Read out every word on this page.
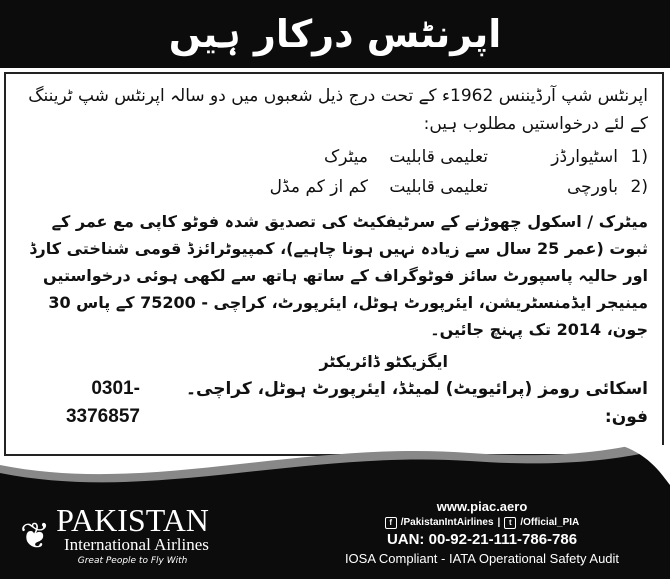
اپرنٹس درکار ہیں
اپرنٹس شپ آرڈیننس 1962ء کے تحت درج ذیل شعبوں میں دو سالہ اپرنٹس شپ ٹریننگ کے لئے درخواستیں مطلوب ہیں:
(1
اسٹیوارڈز
تعلیمی قابلیت
میٹرک
(2
باورچی
تعلیمی قابلیت
کم از کم مڈل
میٹرک / اسکول چھوڑنے کے سرٹیفکیٹ کی تصدیق شدہ فوٹو کاپی مع عمر کے ثبوت (عمر 25 سال سے زیادہ نہیں ہونا چاہیے)، کمپیوٹرائزڈ قومی شناختی کارڈ اور حالیہ پاسپورٹ سائز فوٹوگراف کے ساتھ ہاتھ سے لکھی ہوئی درخواستیں مینیجر ایڈمنسٹریشن، ایئرپورٹ ہوٹل، ایئرپورٹ، کراچی - 75200 کے پاس 30 جون، 2014 تک پہنچ جائیں۔
ایگزیکٹو ڈائریکٹر
اسکائی رومز (پرائیویٹ) لمیٹڈ، ایئرپورٹ ہوٹل، کراچی۔ فون:
0301-3376857
❦ PAKISTAN
International Airlines
Great People to Fly With
www.piac.aero
f /PakistanIntAirlines |	t /Official_PIA
UAN: 00-92-21-111-786-786
IOSA Compliant - IATA Operational Safety Audit
